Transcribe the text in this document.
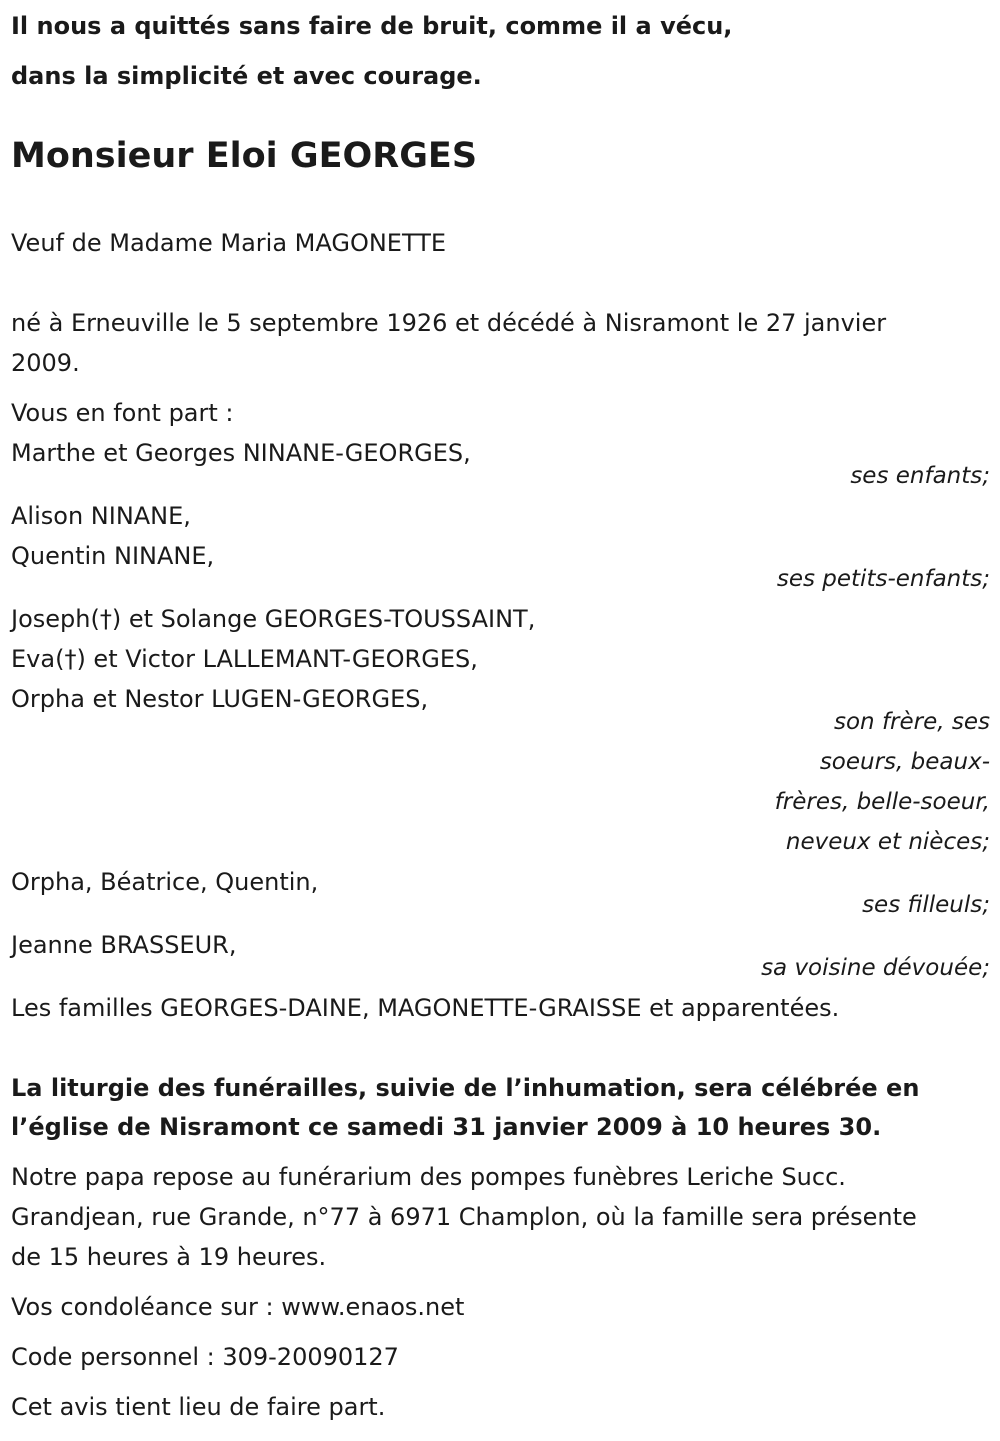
Il nous a quittés sans faire de bruit, comme il a vécu,
dans la simplicité et avec courage.
Monsieur Eloi GEORGES
Veuf de Madame Maria MAGONETTE
né à Erneuville le 5 septembre 1926 et décédé à Nisramont le 27 janvier
2009.
Vous en font part :
Marthe et Georges NINANE-GEORGES,
ses enfants;
Alison NINANE,
Quentin NINANE,
ses petits-enfants;
Joseph(†) et Solange GEORGES-TOUSSAINT,
Eva(†) et Victor LALLEMANT-GEORGES,
Orpha et Nestor LUGEN-GEORGES,
son frère, ses
soeurs, beaux-
frères, belle-soeur,
neveux et nièces;
Orpha, Béatrice, Quentin,
ses filleuls;
Jeanne BRASSEUR,
sa voisine dévouée;
Les familles GEORGES-DAINE, MAGONETTE-GRAISSE et apparentées.
La liturgie des funérailles, suivie de l’inhumation, sera célébrée en
l’église de Nisramont ce samedi 31 janvier 2009 à 10 heures 30.
Notre papa repose au funérarium des pompes funèbres Leriche Succ.
Grandjean, rue Grande, n°77 à 6971 Champlon, où la famille sera présente
de 15 heures à 19 heures.
Vos condoléance sur : www.enaos.net
Code personnel : 309-20090127
Cet avis tient lieu de faire part.
